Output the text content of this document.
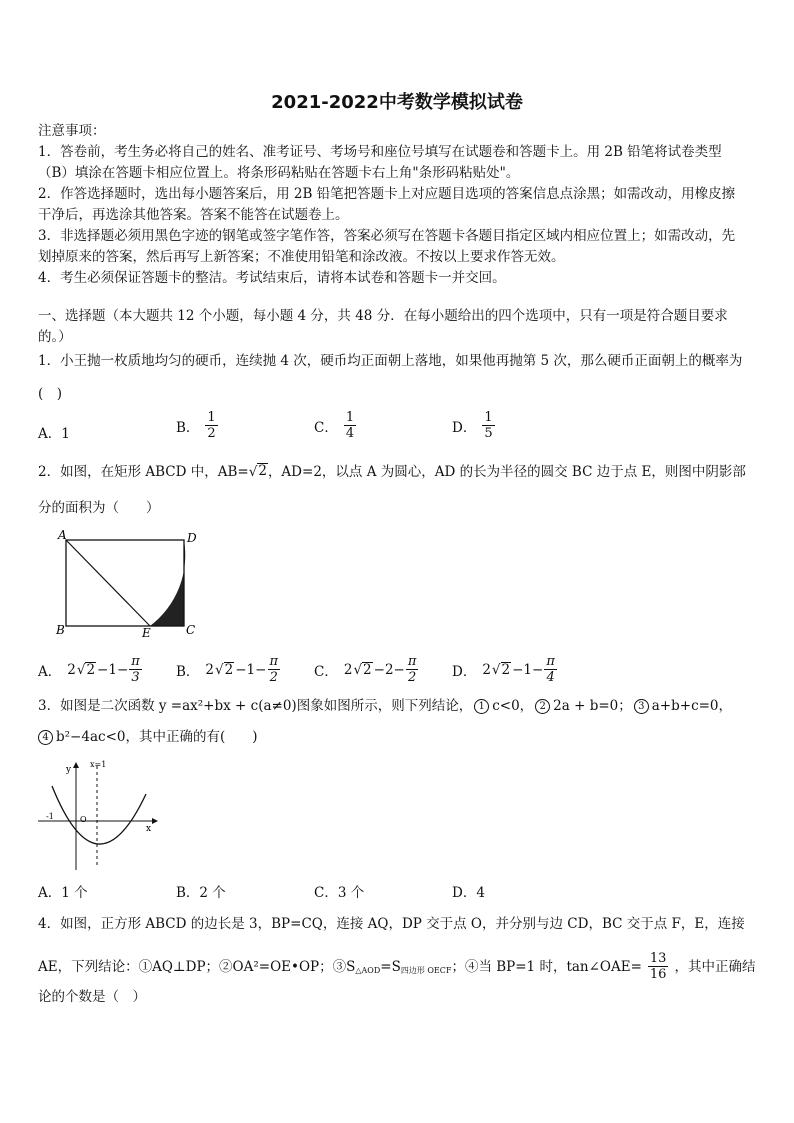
2021-2022中考数学模拟试卷
注意事项：
1．答卷前，考生务必将自己的姓名、准考证号、考场号和座位号填写在试题卷和答题卡上。用 2B 铅笔将试卷类型
（B）填涂在答题卡相应位置上。将条形码粘贴在答题卡右上角"条形码粘贴处"。
2．作答选择题时，选出每小题答案后，用 2B 铅笔把答题卡上对应题目选项的答案信息点涂黑；如需改动，用橡皮擦
干净后，再选涂其他答案。答案不能答在试题卷上。
3．非选择题必须用黑色字迹的钢笔或签字笔作答，答案必须写在答题卡各题目指定区域内相应位置上；如需改动，先
划掉原来的答案，然后再写上新答案；不准使用铅笔和涂改液。不按以上要求作答无效。
4．考生必须保证答题卡的整洁。考试结束后，请将本试卷和答题卡一并交回。
一、选择题（本大题共 12 个小题，每小题 4 分，共 48 分．在每小题给出的四个选项中，只有一项是符合题目要求
的。）
1．小王抛一枚质地均匀的硬币，连续抛 4 次，硬币均正面朝上落地，如果他再抛第 5 次，那么硬币正面朝上的概率为
(　)
A．1	B． $\frac{1}{2}$	C． $\frac{1}{4}$	D． $\frac{1}{5}$
2．如图，在矩形 ABCD 中，AB= √ 2 ，AD=2，以点 A 为圆心，AD 的长为半径的圆交 BC 边于点 E，则图中阴影部
分的面积为（　　）
A	D
B	E	C
A． 2 √ $2 -1- \frac{\pi}{3}$	B． 2 √ $2 -1- \frac{\pi}{2}$	C． 2 √ $2 -2- \frac{\pi}{2}$ D． 2 √ $2 -1- \frac{\pi}{4}$
3．如图是二次函数 y =ax²+bx + c(a≠0)图象如图所示，则下列结论， 1 c<0， 2 2a + b=0； 3 a+b+c=0，
4 b²−4ac<0，其中正确的有(　　)
y
x=1
x
-1	O
A．1 个	B．2 个	C．3 个	D．4
4．如图，正方形 ABCD 的边长是 3，BP=CQ，连接 AQ，DP 交于点 O，并分别与边 CD，BC 交于点 F，E，连接
AE，下列结论：①AQ⊥DP；②OA²=OE•OP；③S △AOD =S 四边形 OECF ；④当 BP=1 时，tan∠OAE= $\frac{13}{16}$ ，其中正确结
论的个数是（　）
